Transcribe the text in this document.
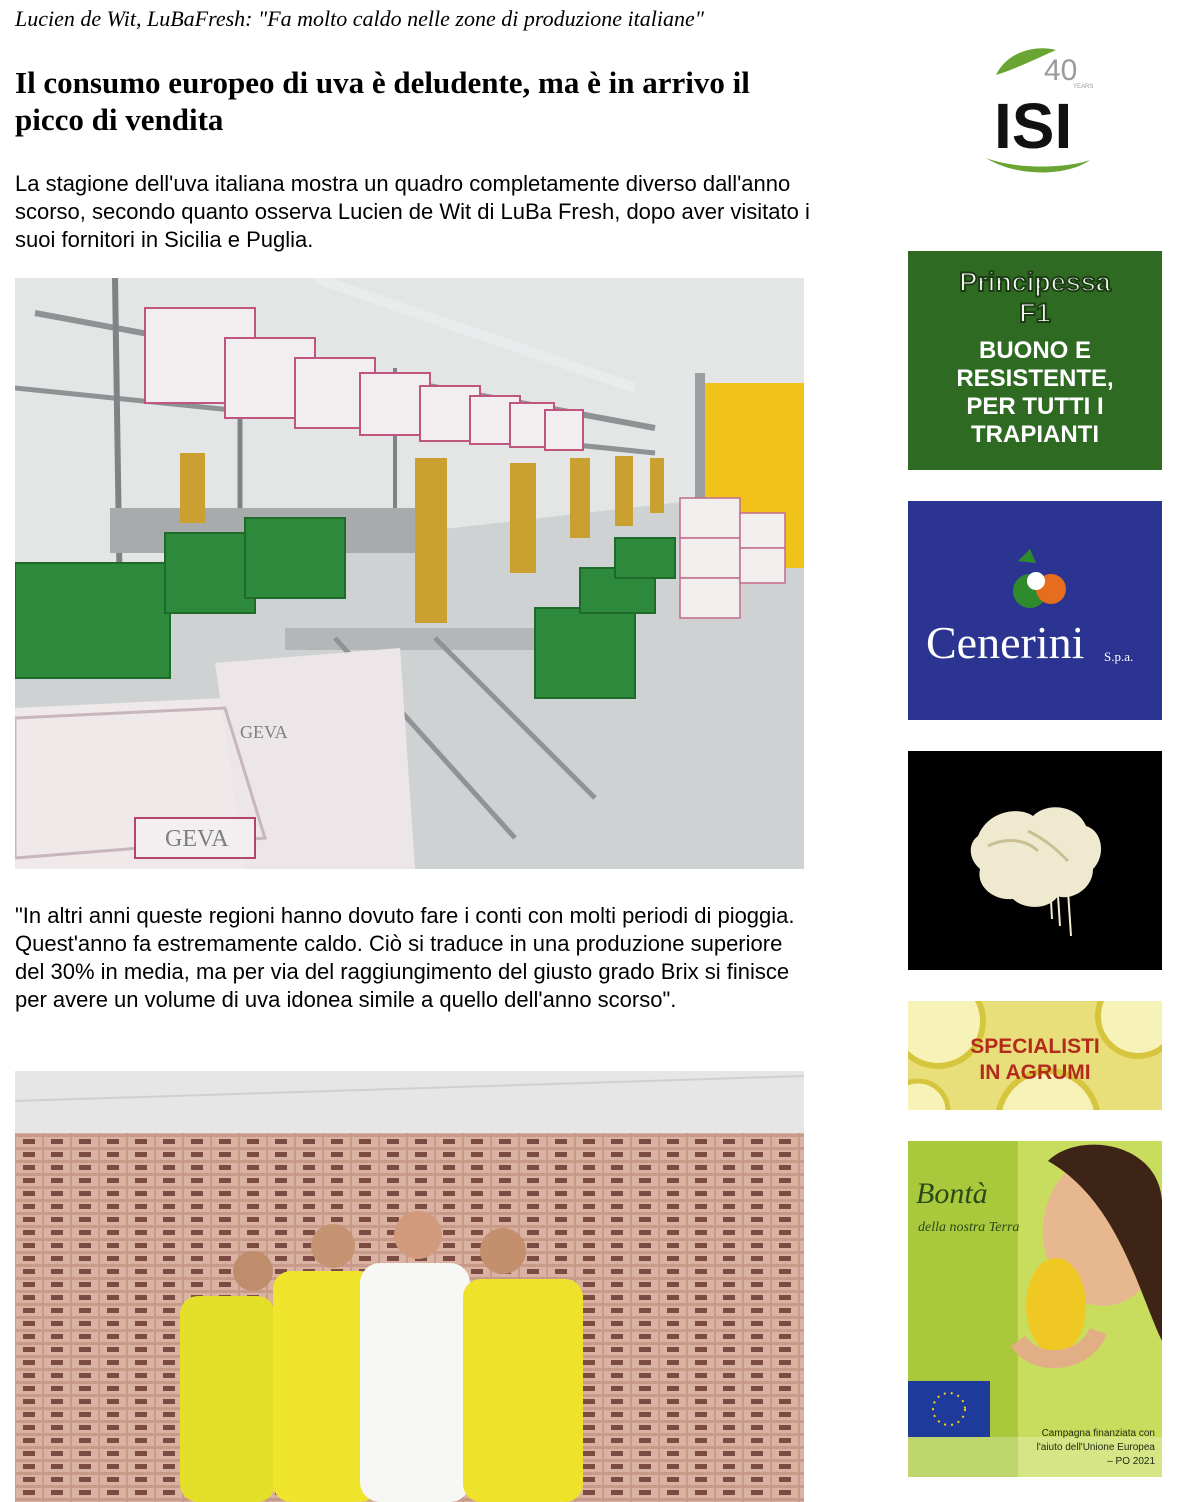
Lucien de Wit, LuBaFresh: "Fa molto caldo nelle zone di produzione italiane"
Il consumo europeo di uva è deludente, ma è in arrivo il picco di vendita

La stagione dell'uva italiana mostra un quadro completamente diverso dall'anno scorso, secondo quanto osserva Lucien de Wit di LuBa Fresh, dopo aver visitato i suoi fornitori in Sicilia e Puglia.

GEVA
GEVA

"In altri anni queste regioni hanno dovuto fare i conti con molti periodi di pioggia. Quest'anno fa estremamente caldo. Ciò si traduce in una produzione superiore del 30% in media, ma per via del raggiungimento del giusto grado Brix si finisce per avere un volume di uva idonea simile a quello dell'anno scorso".

ISI
40
YEARS
Principessa
F1
BUONO E
RESISTENTE,
PER TUTTI I
TRAPIANTI
Cenerini S.p.a.
SPECIALISTI
IN AGRUMI
Bontà
della nostra Terra
Campagna finanziata con
l'aiuto dell'Unione Europea
– PO 2021
